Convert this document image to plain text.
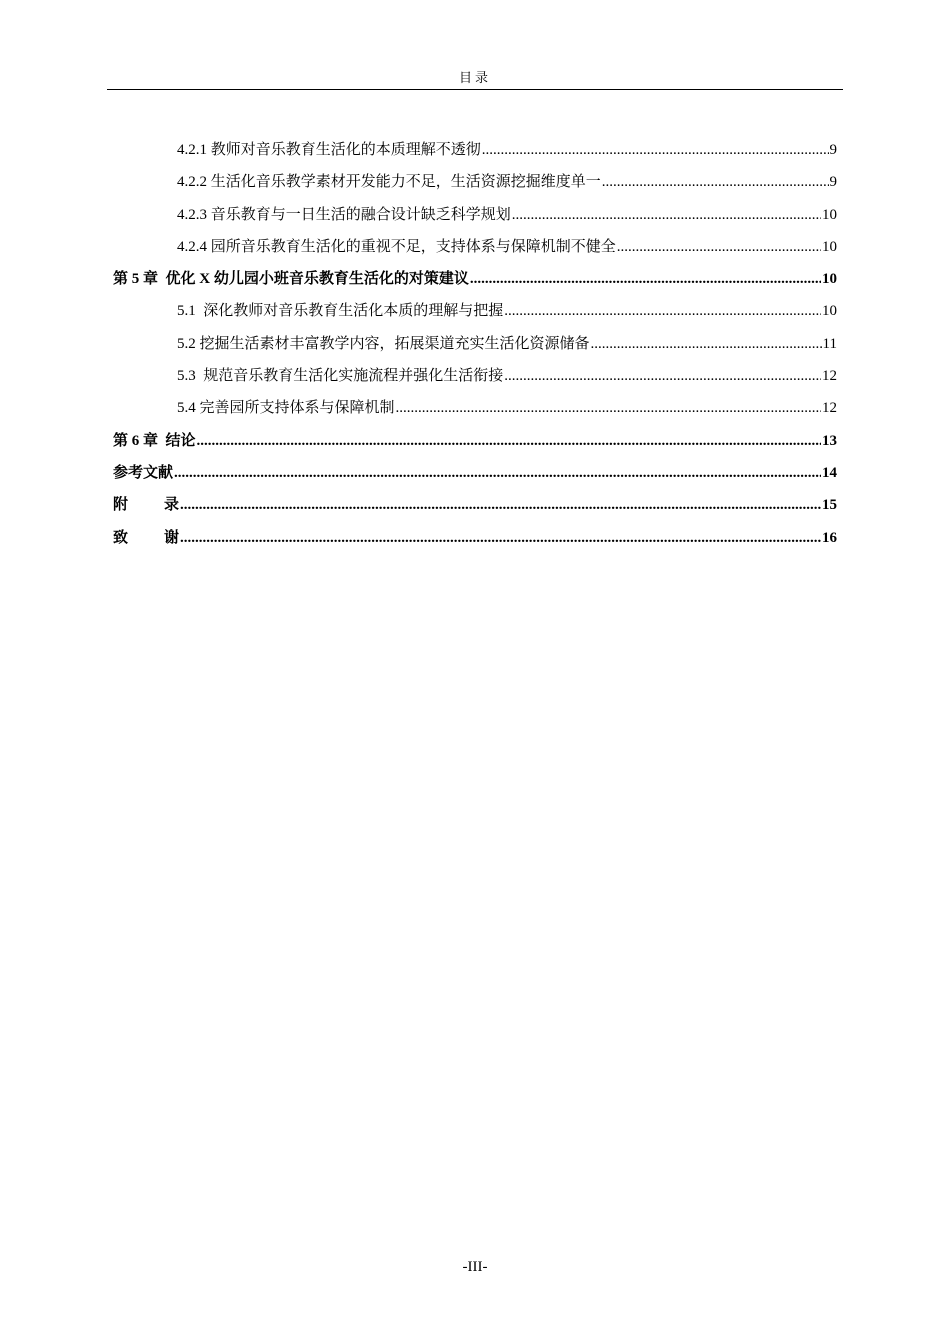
目录
4.2.1 教师对音乐教育生活化的本质理解不透彻 .....	9
4.2.2 生活化音乐教学素材开发能力不足，生活资源挖掘维度单一 .....	9
4.2.3 音乐教育与一日生活的融合设计缺乏科学规划 .....	10
4.2.4 园所音乐教育生活化的重视不足，支持体系与保障机制不健全 .....	10
第 5 章  优化 X 幼儿园小班音乐教育生活化的对策建议 .....	10
5.1  深化教师对音乐教育生活化本质的理解与把握 .....	10
5.2 挖掘生活素材丰富教学内容，拓展渠道充实生活化资源储备 .....	11
5.3  规范音乐教育生活化实施流程并强化生活衔接 .....	12
5.4 完善园所支持体系与保障机制 .....	12
第 6 章  结论 .....	13
参考文献 .....	14
附 录 .....	15
致 谢 .....	16
-III-
